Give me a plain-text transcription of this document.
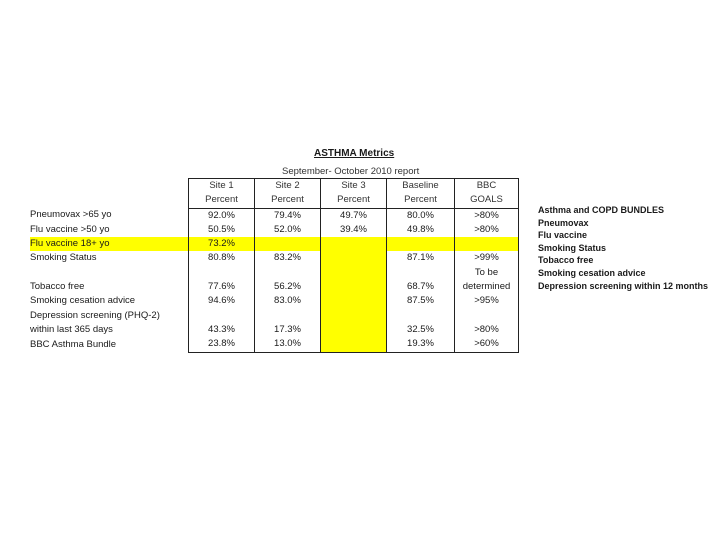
ASTHMA Metrics
September- October 2010 report
	Site 1	Site 2	Site 3	Baseline	BBC
	Percent	Percent	Percent	Percent	GOALS
Pneumovax >65 yo	92.0%	79.4%	49.7%	80.0%	>80%
Flu vaccine >50 yo	50.5%	52.0%	39.4%	49.8%	>80%
Flu vaccine 18+ yo	73.2%				
Smoking Status	80.8%	83.2%		87.1%	>99%
					To be
Tobacco free	77.6%	56.2%		68.7%	determined
Smoking cesation advice	94.6%	83.0%		87.5%	>95%
Depression screening (PHQ-2)					
within last 365 days	43.3%	17.3%		32.5%	>80%
BBC Asthma Bundle	23.8%	13.0%		19.3%	>60%
Asthma and COPD BUNDLES
Pneumovax
Flu vaccine
Smoking Status
Tobacco free
Smoking cesation advice
Depression screening within 12 months
